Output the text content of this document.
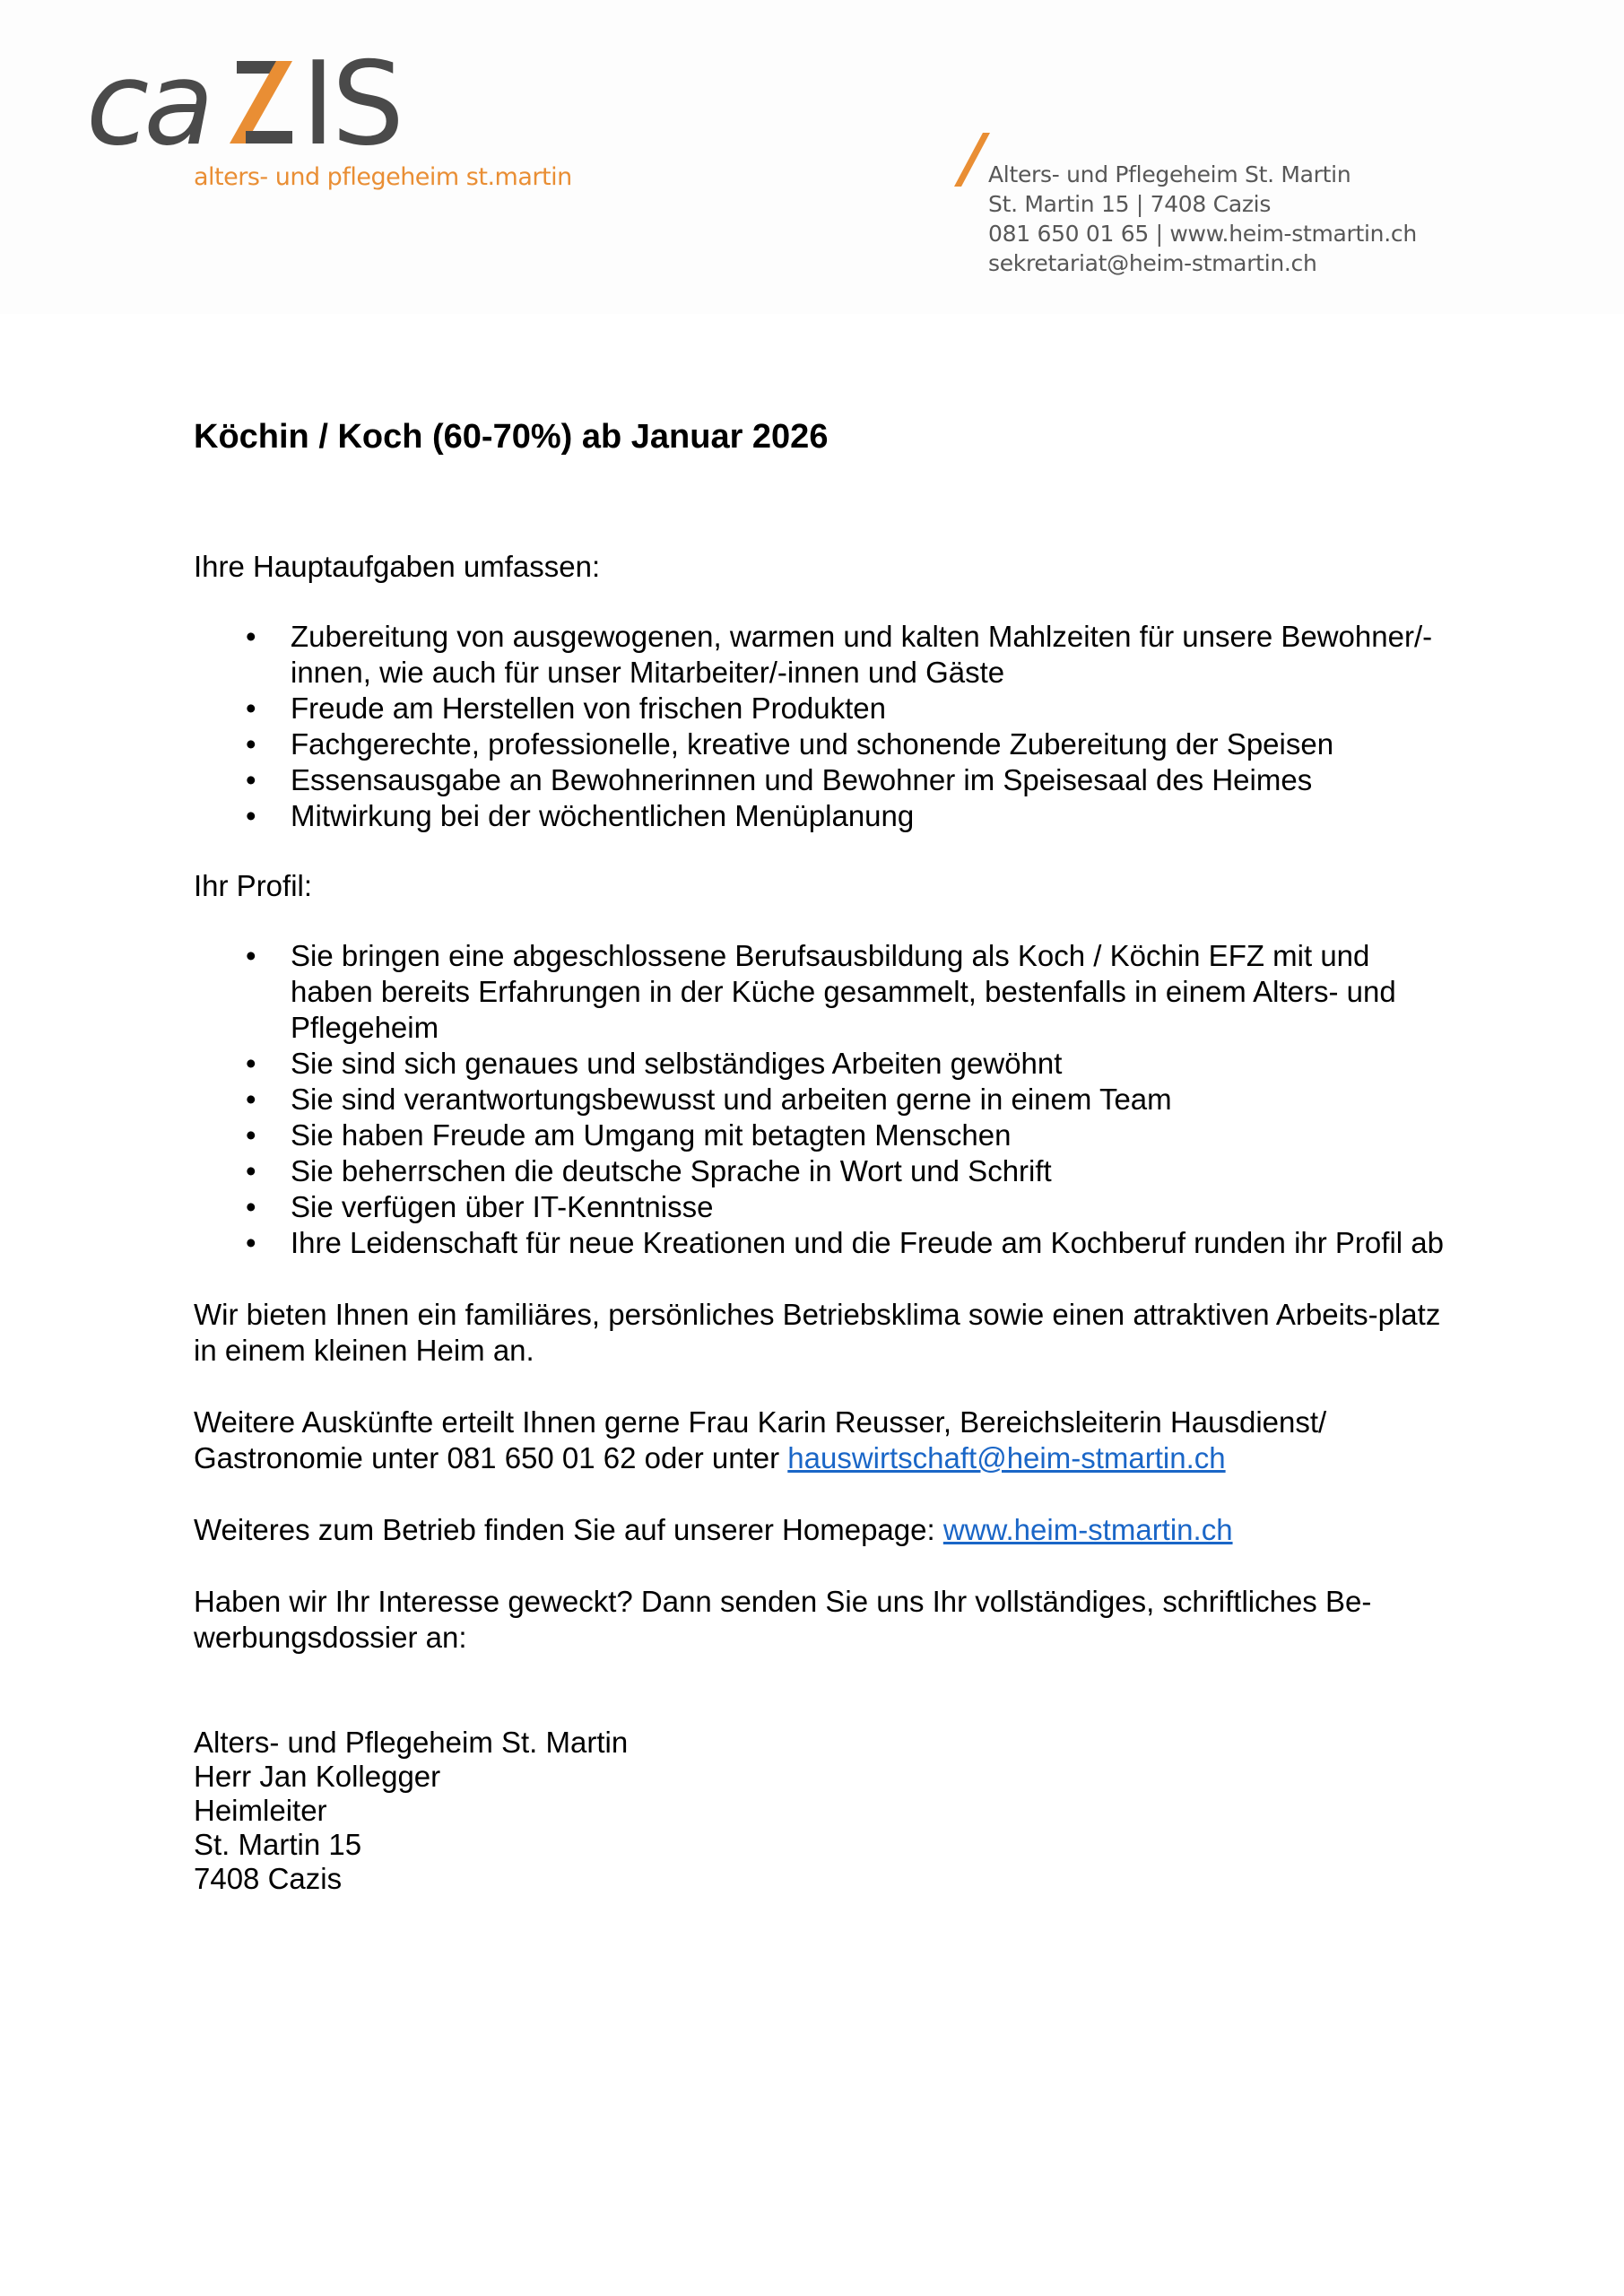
ca IS
alters- und pflegeheim st.martin	Alters- und Pflegeheim St. Martin
St. Martin 15 | 7408 Cazis
081 650 01 65 | www.heim-stmartin.ch
sekretariat@heim-stmartin.ch
Köchin / Koch (60-70%) ab Januar 2026

Ihre Hauptaufgaben umfassen:

• Zubereitung von ausgewogenen, warmen und kalten Mahlzeiten für unsere Bewohner/-innen, wie auch für unser Mitarbeiter/-innen und Gäste
• Freude am Herstellen von frischen Produkten
• Fachgerechte, professionelle, kreative und schonende Zubereitung der Speisen
• Essensausgabe an Bewohnerinnen und Bewohner im Speisesaal des Heimes
• Mitwirkung bei der wöchentlichen Menüplanung

Ihr Profil:

• Sie bringen eine abgeschlossene Berufsausbildung als Koch / Köchin EFZ mit und haben bereits Erfahrungen in der Küche gesammelt, bestenfalls in einem Alters- und Pflegeheim
• Sie sind sich genaues und selbständiges Arbeiten gewöhnt
• Sie sind verantwortungsbewusst und arbeiten gerne in einem Team
• Sie haben Freude am Umgang mit betagten Menschen
• Sie beherrschen die deutsche Sprache in Wort und Schrift
• Sie verfügen über IT-Kenntnisse
• Ihre Leidenschaft für neue Kreationen und die Freude am Kochberuf runden ihr Profil ab

Wir bieten Ihnen ein familiäres, persönliches Betriebsklima sowie einen attraktiven Arbeits-platz in einem kleinen Heim an.

Weitere Auskünfte erteilt Ihnen gerne Frau Karin Reusser, Bereichsleiterin Hausdienst/ Gastronomie unter 081 650 01 62 oder unter hauswirtschaft@heim-stmartin.ch

Weiteres zum Betrieb finden Sie auf unserer Homepage: www.heim-stmartin.ch

Haben wir Ihr Interesse geweckt? Dann senden Sie uns Ihr vollständiges, schriftliches Be-werbungsdossier an:

Alters- und Pflegeheim St. Martin
Herr Jan Kollegger
Heimleiter
St. Martin 15
7408 Cazis
